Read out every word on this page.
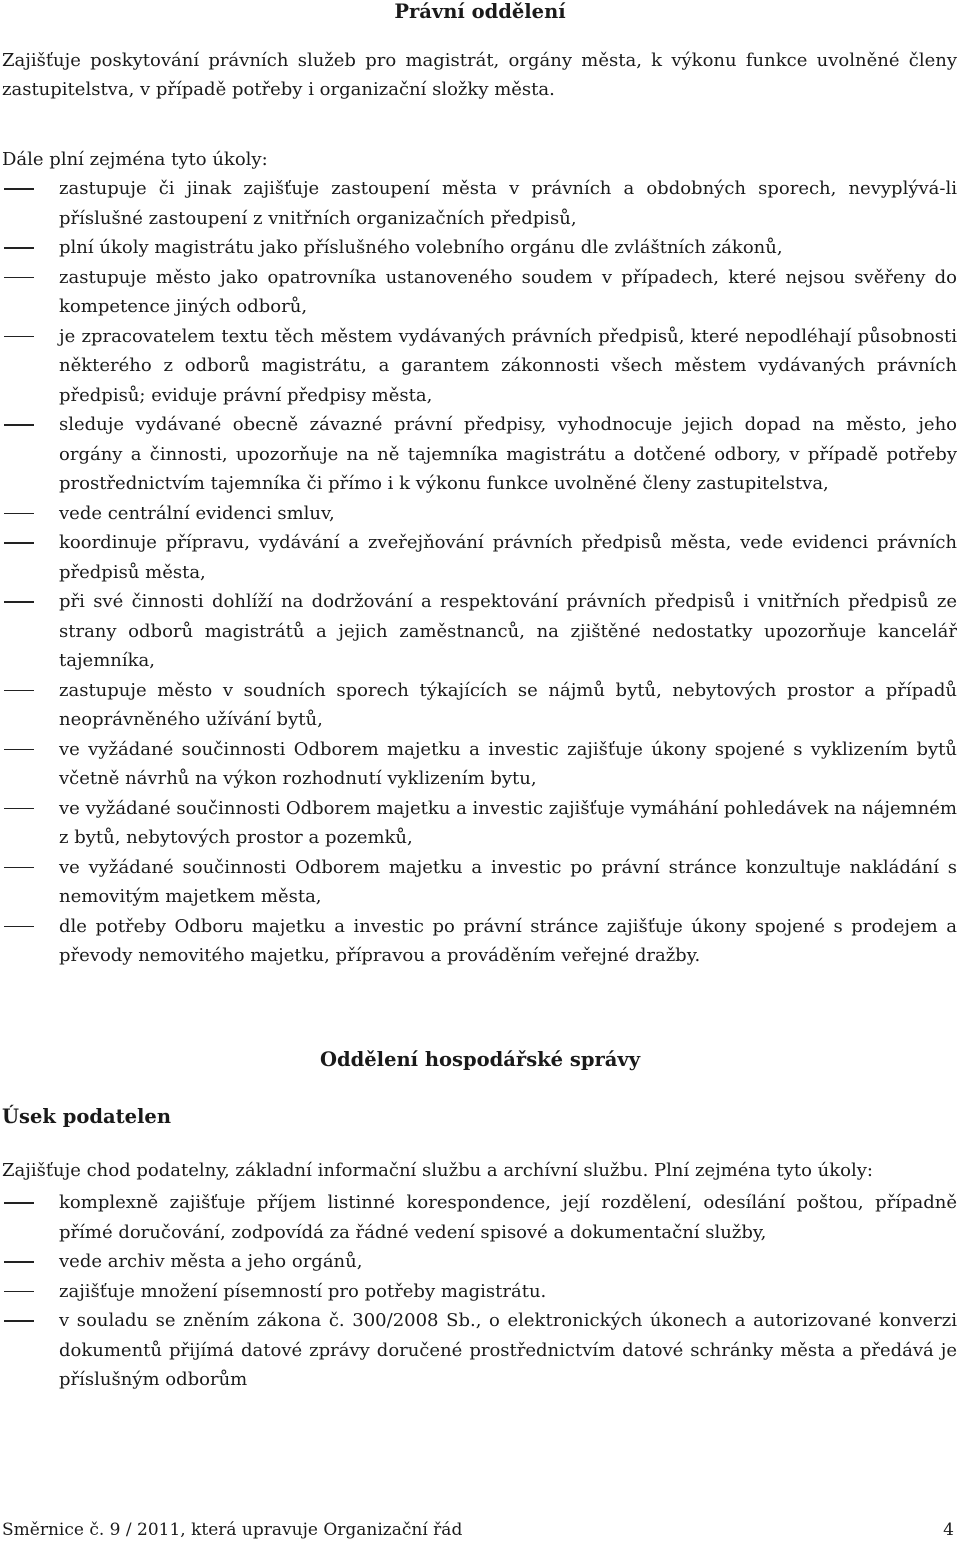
Právní oddělení
Zajišťuje poskytování právních služeb pro magistrát, orgány města, k výkonu funkce uvolněné členy zastupitelstva, v případě potřeby i organizační složky města.
Dále plní zejména tyto úkoly:
zastupuje či jinak zajišťuje zastoupení města v právních a obdobných sporech, nevyplývá-li příslušné zastoupení z vnitřních organizačních předpisů,
plní úkoly magistrátu jako příslušného volebního orgánu dle zvláštních zákonů,
zastupuje město jako opatrovníka ustanoveného soudem v případech, které nejsou svěřeny do kompetence jiných odborů,
je zpracovatelem textu těch městem vydávaných právních předpisů, které nepodléhají působnosti některého z odborů magistrátu, a garantem zákonnosti všech městem vydávaných právních předpisů; eviduje právní předpisy města,
sleduje vydávané obecně závazné právní předpisy, vyhodnocuje jejich dopad na město, jeho orgány a činnosti, upozorňuje na ně tajemníka magistrátu a dotčené odbory, v případě potřeby prostřednictvím tajemníka či přímo i k výkonu funkce uvolněné členy zastupitelstva,
vede centrální evidenci smluv,
koordinuje přípravu, vydávání a zveřejňování právních předpisů města, vede evidenci právních předpisů města,
při své činnosti dohlíží na dodržování a respektování právních předpisů i vnitřních předpisů ze strany odborů magistrátů a jejich zaměstnanců, na zjištěné nedostatky upozorňuje kancelář tajemníka,
zastupuje město v soudních sporech týkajících se nájmů bytů, nebytových prostor a případů neoprávněného užívání bytů,
ve vyžádané součinnosti Odborem majetku a investic zajišťuje úkony spojené s vyklizením bytů včetně návrhů na výkon rozhodnutí vyklizením bytu,
ve vyžádané součinnosti Odborem majetku a investic zajišťuje vymáhání pohledávek na nájemném z bytů, nebytových prostor a pozemků,
ve vyžádané součinnosti Odborem majetku a investic po právní stránce konzultuje nakládání s nemovitým majetkem města,
dle potřeby Odboru majetku a investic po právní stránce zajišťuje úkony spojené s prodejem a převody nemovitého majetku, přípravou a prováděním veřejné dražby.
Oddělení hospodářské správy
Úsek podatelen
Zajišťuje chod podatelny, základní informační službu a archívní službu. Plní zejména tyto úkoly:
komplexně zajišťuje příjem listinné korespondence, její rozdělení, odesílání poštou, případně přímé doručování, zodpovídá za řádné vedení spisové a dokumentační služby,
vede archiv města a jeho orgánů,
zajišťuje množení písemností pro potřeby magistrátu.
v souladu se zněním zákona č. 300/2008 Sb., o elektronických úkonech a autorizované konverzi dokumentů přijímá datové zprávy doručené prostřednictvím datové schránky města a předává je příslušným odborům
Směrnice č. 9 / 2011, která upravuje Organizační řád	4
